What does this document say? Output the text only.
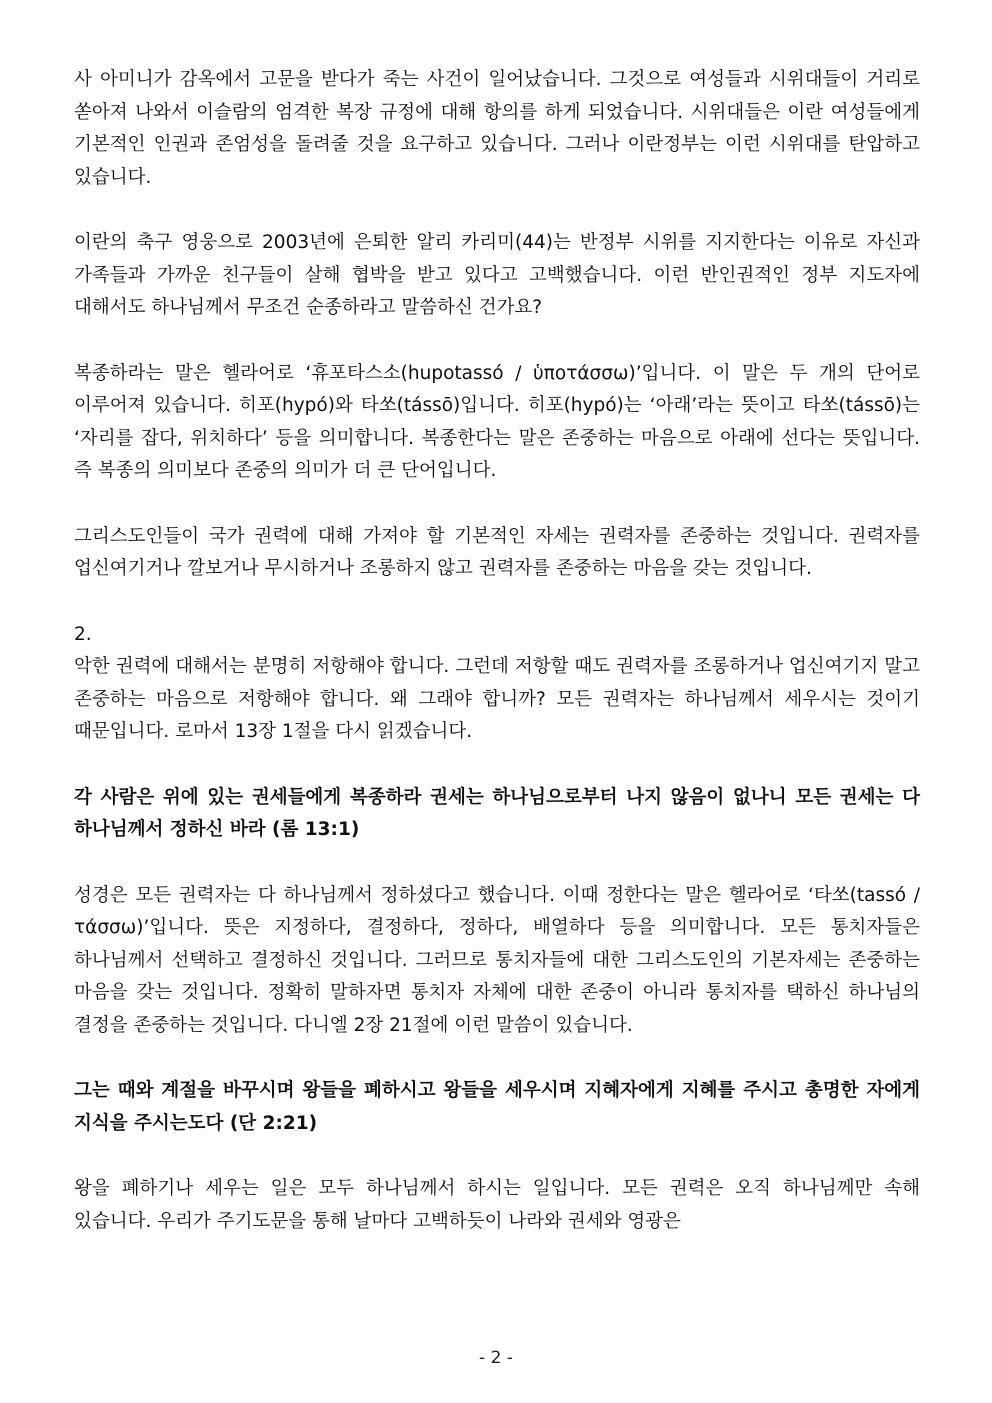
사 아미니가 감옥에서 고문을 받다가 죽는 사건이 일어났습니다. 그것으로 여성들과 시위대들이 거리로 쏟아져 나와서 이슬람의 엄격한 복장 규정에 대해 항의를 하게 되었습니다. 시위대들은 이란 여성들에게 기본적인 인권과 존엄성을 돌려줄 것을 요구하고 있습니다. 그러나 이란정부는 이런 시위대를 탄압하고 있습니다.

이란의 축구 영웅으로 2003년에 은퇴한 알리 카리미(44)는 반정부 시위를 지지한다는 이유로 자신과 가족들과 가까운 친구들이 살해 협박을 받고 있다고 고백했습니다. 이런 반인권적인 정부 지도자에 대해서도 하나님께서 무조건 순종하라고 말씀하신 건가요?

복종하라는 말은 헬라어로 ‘휴포타스소(hupotassó / ὑποτάσσω)’입니다. 이 말은 두 개의 단어로 이루어져 있습니다. 히포(hypó)와 타쏘(tássō)입니다. 히포(hypó)는 ‘아래’라는 뜻이고 타쏘(tássō)는 ‘자리를 잡다, 위치하다’ 등을 의미합니다. 복종한다는 말은 존중하는 마음으로 아래에 선다는 뜻입니다. 즉 복종의 의미보다 존중의 의미가 더 큰 단어입니다.

그리스도인들이 국가 권력에 대해 가져야 할 기본적인 자세는 권력자를 존중하는 것입니다. 권력자를 업신여기거나 깔보거나 무시하거나 조롱하지 않고 권력자를 존중하는 마음을 갖는 것입니다.

2.

악한 권력에 대해서는 분명히 저항해야 합니다. 그런데 저항할 때도 권력자를 조롱하거나 업신여기지 말고 존중하는 마음으로 저항해야 합니다. 왜 그래야 합니까? 모든 권력자는 하나님께서 세우시는 것이기 때문입니다. 로마서 13장 1절을 다시 읽겠습니다.

각 사람은 위에 있는 권세들에게 복종하라 권세는 하나님으로부터 나지 않음이 없나니 모든 권세는 다 하나님께서 정하신 바라 (롬 13:1)

성경은 모든 권력자는 다 하나님께서 정하셨다고 했습니다. 이때 정한다는 말은 헬라어로 ‘타쏘(tassó / τάσσω)’입니다. 뜻은 지정하다, 결정하다, 정하다, 배열하다 등을 의미합니다. 모든 통치자들은 하나님께서 선택하고 결정하신 것입니다. 그러므로 통치자들에 대한 그리스도인의 기본자세는 존중하는 마음을 갖는 것입니다. 정확히 말하자면 통치자 자체에 대한 존중이 아니라 통치자를 택하신 하나님의 결정을 존중하는 것입니다. 다니엘 2장 21절에 이런 말씀이 있습니다.

그는 때와 계절을 바꾸시며 왕들을 폐하시고 왕들을 세우시며 지혜자에게 지혜를 주시고 총명한 자에게 지식을 주시는도다 (단 2:21)

왕을 폐하기나 세우는 일은 모두 하나님께서 하시는 일입니다. 모든 권력은 오직 하나님께만 속해 있습니다. 우리가 주기도문을 통해 날마다 고백하듯이 나라와 권세와 영광은

- 2 -
